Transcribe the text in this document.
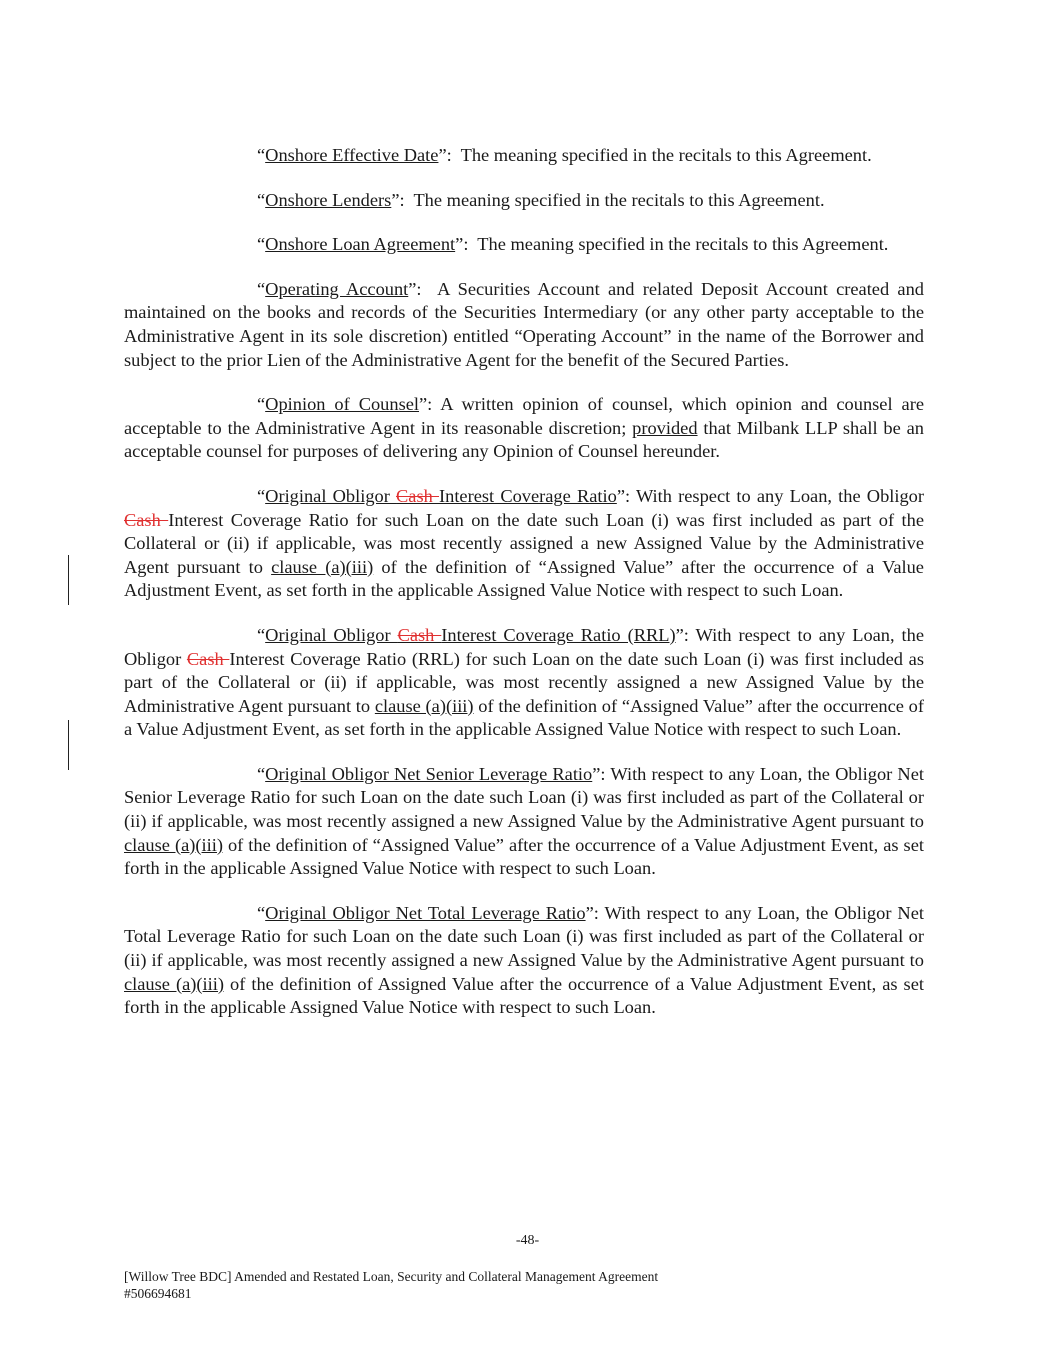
“Onshore Effective Date”:  The meaning specified in the recitals to this Agreement.

“Onshore Lenders”:  The meaning specified in the recitals to this Agreement.

“Onshore Loan Agreement”:  The meaning specified in the recitals to this Agreement.

“Operating Account”:  A Securities Account and related Deposit Account created and maintained on the books and records of the Securities Intermediary (or any other party acceptable to the Administrative Agent in its sole discretion) entitled “Operating Account” in the name of the Borrower and subject to the prior Lien of the Administrative Agent for the benefit of the Secured Parties.

“Opinion of Counsel”: A written opinion of counsel, which opinion and counsel are acceptable to the Administrative Agent in its reasonable discretion; provided that Milbank LLP shall be an acceptable counsel for purposes of delivering any Opinion of Counsel hereunder.

“Original Obligor Cash Interest Coverage Ratio”: With respect to any Loan, the Obligor Cash Interest Coverage Ratio for such Loan on the date such Loan (i) was first included as part of the Collateral or (ii) if applicable, was most recently assigned a new Assigned Value by the Administrative Agent pursuant to clause (a)(iii) of the definition of “Assigned Value” after the occurrence of a Value Adjustment Event, as set forth in the applicable Assigned Value Notice with respect to such Loan.

“Original Obligor Cash Interest Coverage Ratio (RRL)”: With respect to any Loan, the Obligor Cash Interest Coverage Ratio (RRL) for such Loan on the date such Loan (i) was first included as part of the Collateral or (ii) if applicable, was most recently assigned a new Assigned Value by the Administrative Agent pursuant to clause (a)(iii) of the definition of “Assigned Value” after the occurrence of a Value Adjustment Event, as set forth in the applicable Assigned Value Notice with respect to such Loan.

“Original Obligor Net Senior Leverage Ratio”: With respect to any Loan, the Obligor Net Senior Leverage Ratio for such Loan on the date such Loan (i) was first included as part of the Collateral or (ii) if applicable, was most recently assigned a new Assigned Value by the Administrative Agent pursuant to clause (a)(iii) of the definition of “Assigned Value” after the occurrence of a Value Adjustment Event, as set forth in the applicable Assigned Value Notice with respect to such Loan.

“Original Obligor Net Total Leverage Ratio”: With respect to any Loan, the Obligor Net Total Leverage Ratio for such Loan on the date such Loan (i) was first included as part of the Collateral or (ii) if applicable, was most recently assigned a new Assigned Value by the Administrative Agent pursuant to clause (a)(iii) of the definition of Assigned Value after the occurrence of a Value Adjustment Event, as set forth in the applicable Assigned Value Notice with respect to such Loan.

-48-
[Willow Tree BDC] Amended and Restated Loan, Security and Collateral Management Agreement
#506694681
